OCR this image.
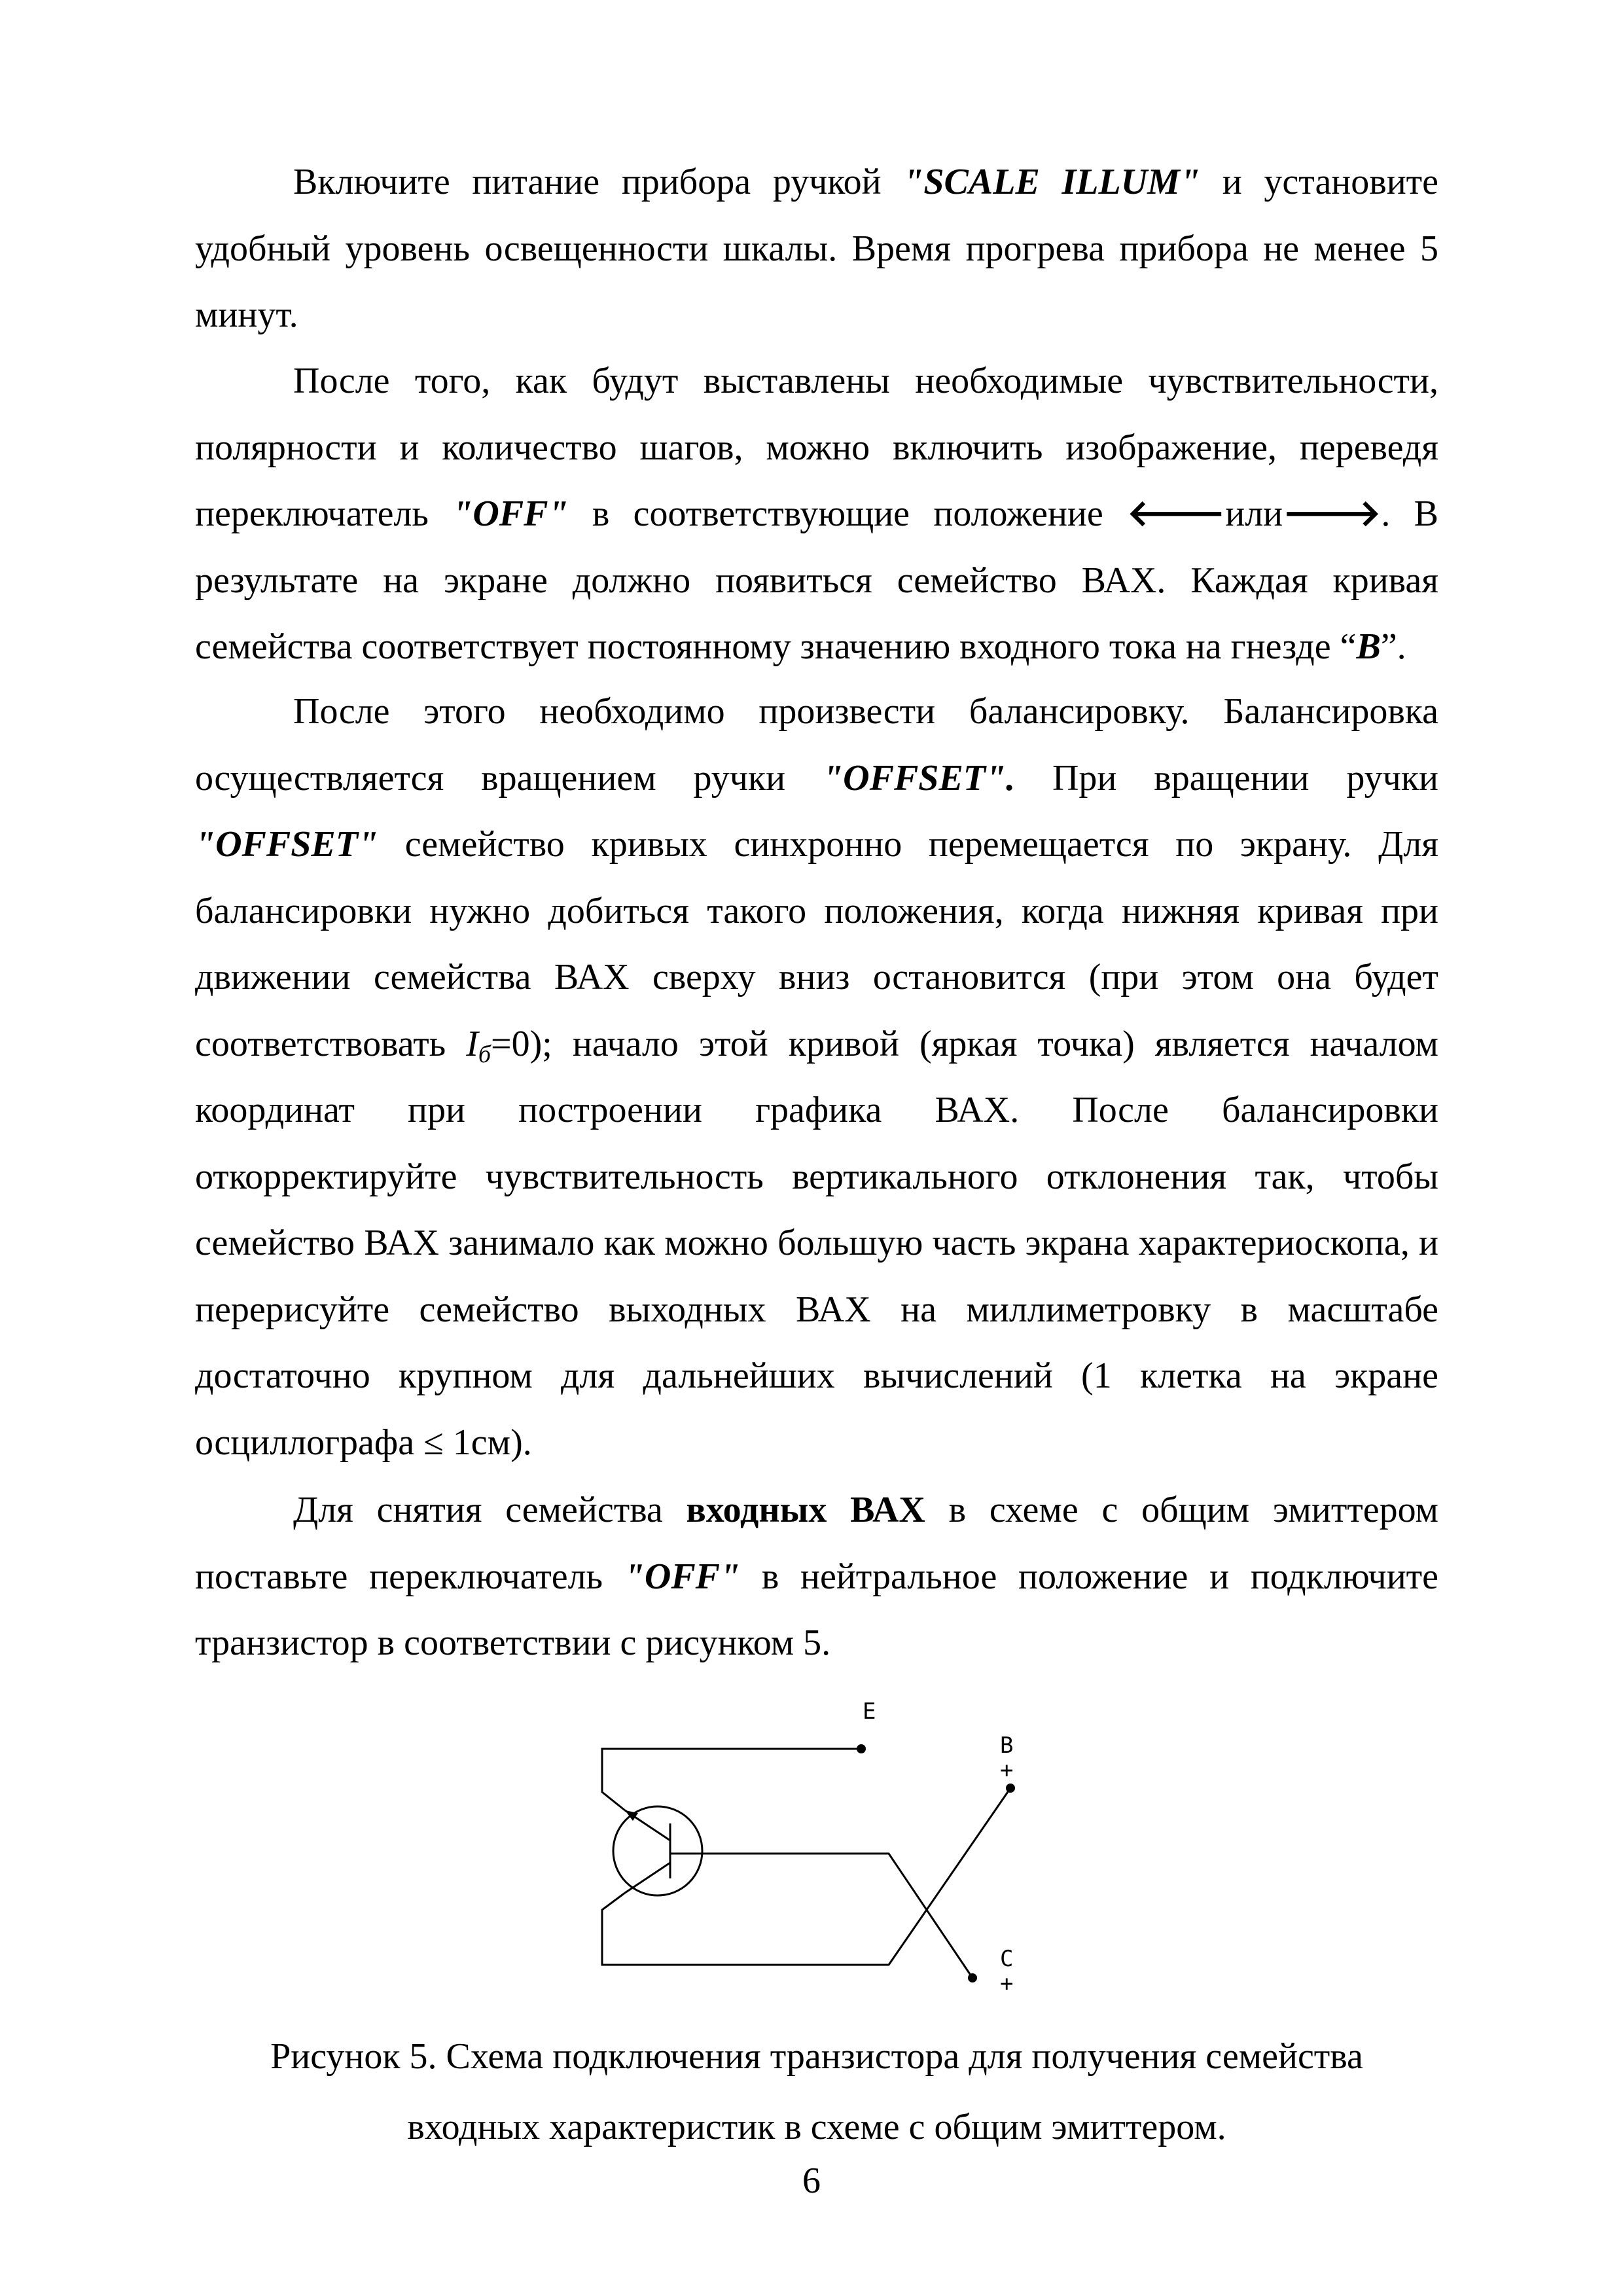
Включите питание прибора ручкой "SCALE ILLUM" и установите удобный уровень освещенности шкалы. Время прогрева прибора не менее 5 минут.

После того, как будут выставлены необходимые чувствительности, полярности и количество шагов, можно включить изображение, переведя переключатель "OFF" в соответствующие положение 🡐или🡒. В результате на экране должно появиться семейство ВАХ. Каждая кривая семейства соответствует постоянному значению входного тока на гнезде “B”.

После этого необходимо произвести балансировку. Балансировка осуществляется вращением ручки "OFFSET". При вращении ручки "OFFSET" семейство кривых синхронно перемещается по экрану. Для балансировки нужно добиться такого положения, когда нижняя кривая при движении семейства ВАХ сверху вниз остановится (при этом она будет соответствовать $I_б=0$); начало этой кривой (яркая точка) является началом координат при построении графика ВАХ. После балансировки откорректируйте чувствительность вертикального отклонения так, чтобы семейство ВАХ занимало как можно большую часть экрана характериоскопа, и перерисуйте семейство выходных ВАХ на миллиметровку в масштабе достаточно крупном для дальнейших вычислений (1 клетка на экране осциллографа ≤ 1см).

Для снятия семейства входных ВАХ в схеме с общим эмиттером поставьте переключатель "OFF" в нейтральное положение и подключите транзистор в соответствии с рисунком 5.

E
B
+
C
+
Рисунок 5. Схема подключения транзистора для получения семейства
входных характеристик в схеме с общим эмиттером.
6
